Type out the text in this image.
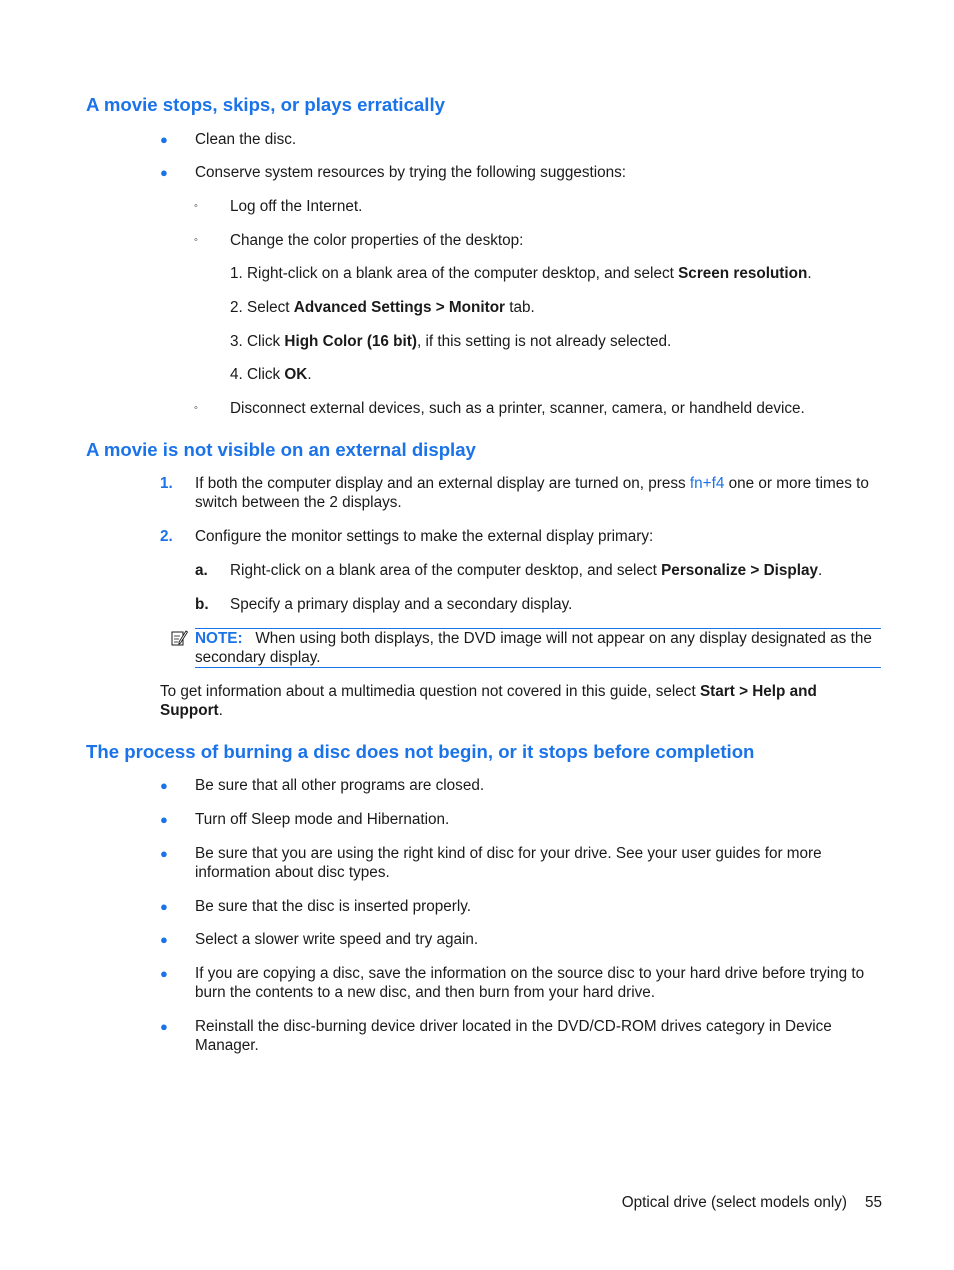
A movie stops, skips, or plays erratically
● Clean the disc.
● Conserve system resources by trying the following suggestions:
◦ Log off the Internet.
◦ Change the color properties of the desktop:
1. Right-click on a blank area of the computer desktop, and select Screen resolution.
2. Select Advanced Settings > Monitor tab.
3. Click High Color (16 bit), if this setting is not already selected.
4. Click OK.
◦ Disconnect external devices, such as a printer, scanner, camera, or handheld device.
A movie is not visible on an external display
1. If both the computer display and an external display are turned on, press fn+f4 one or more times to switch between the 2 displays.
2. Configure the monitor settings to make the external display primary:
a. Right-click on a blank area of the computer desktop, and select Personalize > Display.
b. Specify a primary display and a secondary display.
NOTE: When using both displays, the DVD image will not appear on any display designated as the secondary display.
To get information about a multimedia question not covered in this guide, select Start > Help and
Support.
The process of burning a disc does not begin, or it stops before completion
● Be sure that all other programs are closed.
● Turn off Sleep mode and Hibernation.
● Be sure that you are using the right kind of disc for your drive. See your user guides for more information about disc types.
● Be sure that the disc is inserted properly.
● Select a slower write speed and try again.
● If you are copying a disc, save the information on the source disc to your hard drive before trying to burn the contents to a new disc, and then burn from your hard drive.
● Reinstall the disc-burning device driver located in the DVD/CD-ROM drives category in Device Manager.
Optical drive (select models only) 55
